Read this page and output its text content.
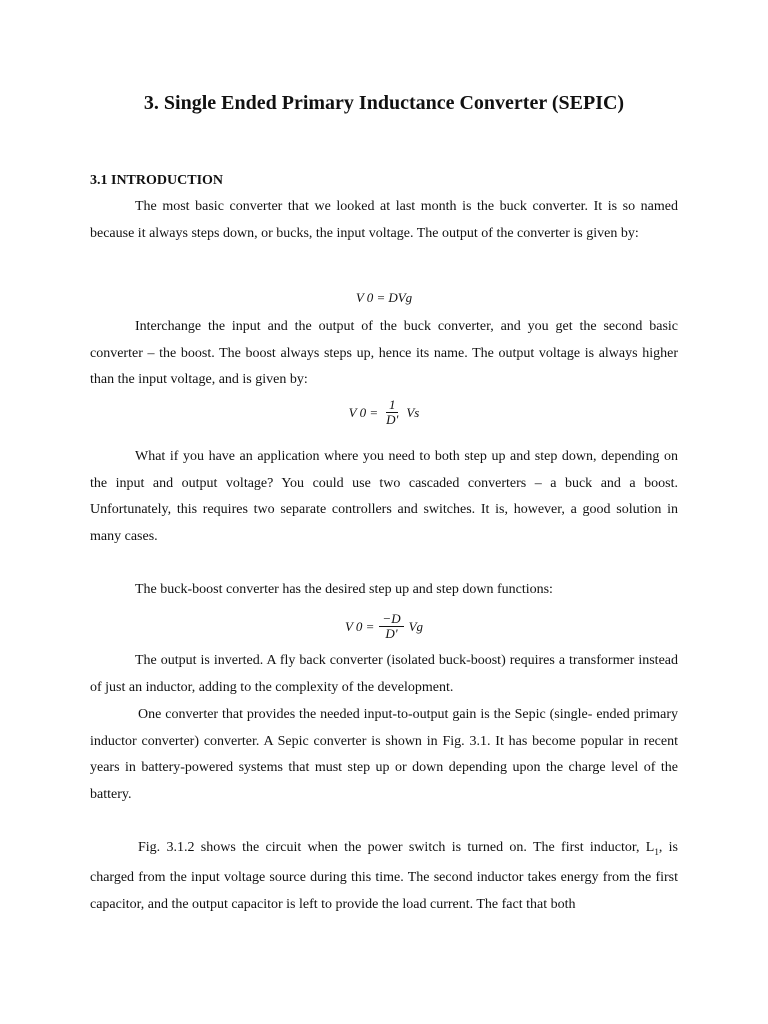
3. Single Ended Primary Inductance Converter (SEPIC)
3.1 INTRODUCTION

The most basic converter that we looked at last month is the buck converter. It is so named because it always steps down, or bucks, the input voltage. The output of the converter is given by:

V 0 = DVg

Interchange the input and the output of the buck converter, and you get the second basic converter – the boost. The boost always steps up, hence its name. The output voltage is always higher than the input voltage, and is given by:

V $0 = \frac{1}{D'}$ Vs

What if you have an application where you need to both step up and step down, depending on the input and output voltage? You could use two cascaded converters – a buck and a boost. Unfortunately, this requires two separate controllers and switches. It is, however, a good solution in many cases.

The buck-boost converter has the desired step up and step down functions:

V $0 = \frac{-D}{D'}$ Vg

The output is inverted. A fly back converter (isolated buck-boost) requires a transformer instead of just an inductor, adding to the complexity of the development.

One converter that provides the needed input-to-output gain is the Sepic (single- ended primary inductor converter) converter. A Sepic converter is shown in Fig. 3.1. It has become popular in recent years in battery-powered systems that must step up or down depending upon the charge level of the battery.

Fig. 3.1.2 shows the circuit when the power switch is turned on. The first inductor, $L_1$, is charged from the input voltage source during this time. The second inductor takes energy from the first capacitor, and the output capacitor is left to provide the load current. The fact that both
